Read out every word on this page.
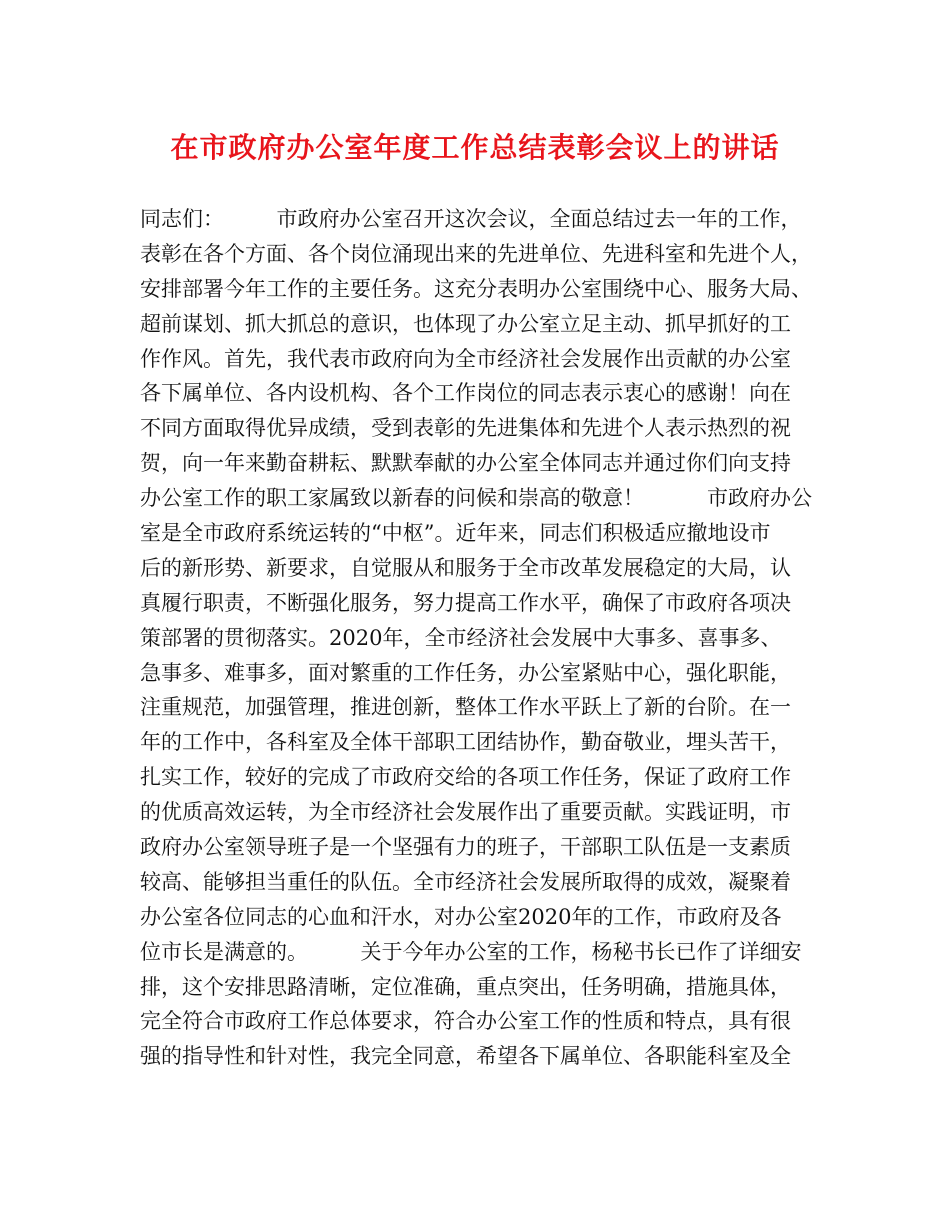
在市政府办公室年度工作总结表彰会议上的讲话
同志们：　　　市政府办公室召开这次会议，全面总结过去一年的工作，
表彰在各个方面、各个岗位涌现出来的先进单位、先进科室和先进个人，
安排部署今年工作的主要任务。这充分表明办公室围绕中心、服务大局、
超前谋划、抓大抓总的意识，也体现了办公室立足主动、抓早抓好的工
作作风。首先，我代表市政府向为全市经济社会发展作出贡献的办公室
各下属单位、各内设机构、各个工作岗位的同志表示衷心的感谢！向在
不同方面取得优异成绩，受到表彰的先进集体和先进个人表示热烈的祝
贺，向一年来勤奋耕耘、默默奉献的办公室全体同志并通过你们向支持
办公室工作的职工家属致以新春的问候和崇高的敬意！　　　市政府办公
室是全市政府系统运转的“中枢”。近年来，同志们积极适应撤地设市
后的新形势、新要求，自觉服从和服务于全市改革发展稳定的大局，认
真履行职责，不断强化服务，努力提高工作水平，确保了市政府各项决
策部署的贯彻落实。2020年，全市经济社会发展中大事多、喜事多、
急事多、难事多，面对繁重的工作任务，办公室紧贴中心，强化职能，
注重规范，加强管理，推进创新，整体工作水平跃上了新的台阶。在一
年的工作中，各科室及全体干部职工团结协作，勤奋敬业，埋头苦干，
扎实工作，较好的完成了市政府交给的各项工作任务，保证了政府工作
的优质高效运转，为全市经济社会发展作出了重要贡献。实践证明，市
政府办公室领导班子是一个坚强有力的班子，干部职工队伍是一支素质
较高、能够担当重任的队伍。全市经济社会发展所取得的成效，凝聚着
办公室各位同志的心血和汗水，对办公室2020年的工作，市政府及各
位市长是满意的。　　　关于今年办公室的工作，杨秘书长已作了详细安
排，这个安排思路清晰，定位准确，重点突出，任务明确，措施具体，
完全符合市政府工作总体要求，符合办公室工作的性质和特点，具有很
强的指导性和针对性，我完全同意，希望各下属单位、各职能科室及全
